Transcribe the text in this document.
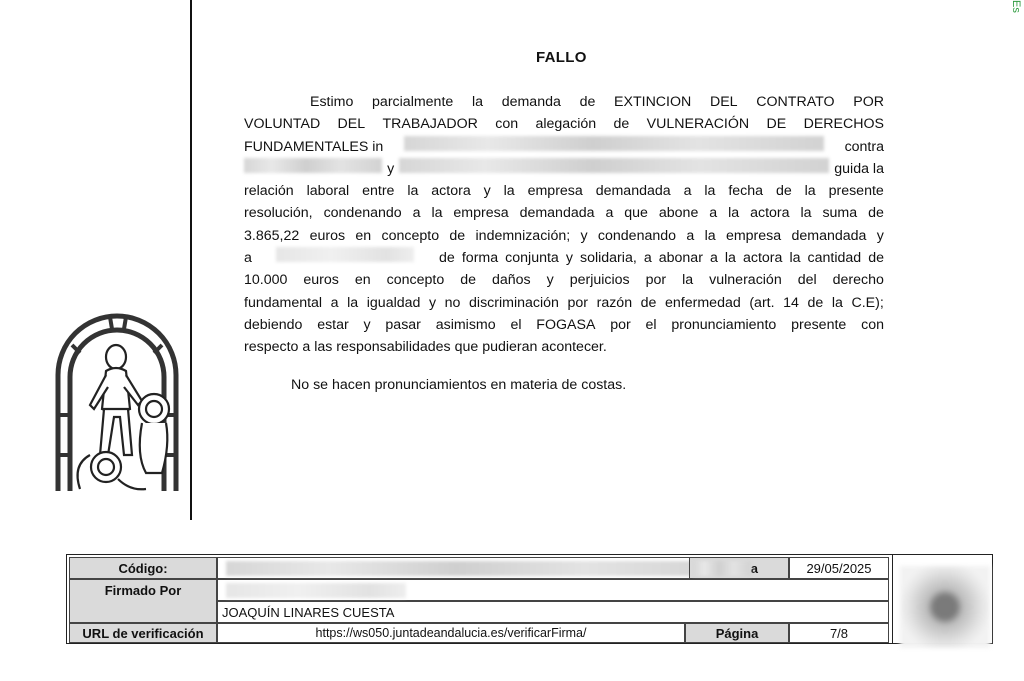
Es
FALLO
Estimo parcialmente la demanda de EXTINCION DEL CONTRATO POR
VOLUNTAD DEL TRABAJADOR con alegación de VULNERACIÓN DE DERECHOS
FUNDAMENTALES in	contra
y	guida la
relación laboral entre la actora y la empresa demandada a la fecha de la presente
resolución, condenando a la empresa demandada a que abone a la actora la suma de
3.865,22 euros en concepto de indemnización; y condenando a la empresa demandada y
a	de forma conjunta y solidaria, a abonar a la actora la cantidad de
10.000 euros en concepto de daños y perjuicios por la vulneración del derecho
fundamental a la igualdad y no discriminación por razón de enfermedad (art. 14 de la C.E);
debiendo estar y pasar asimismo el FOGASA por el pronunciamiento presente con
respecto a las responsabilidades que pudieran acontecer.
No se hacen pronunciamientos en materia de costas.
Código:	a	29/05/2025
Firmado Por
JOAQUÍN LINARES CUESTA
URL de verificación	https://ws050.juntadeandalucia.es/verificarFirma/	Página	7/8
